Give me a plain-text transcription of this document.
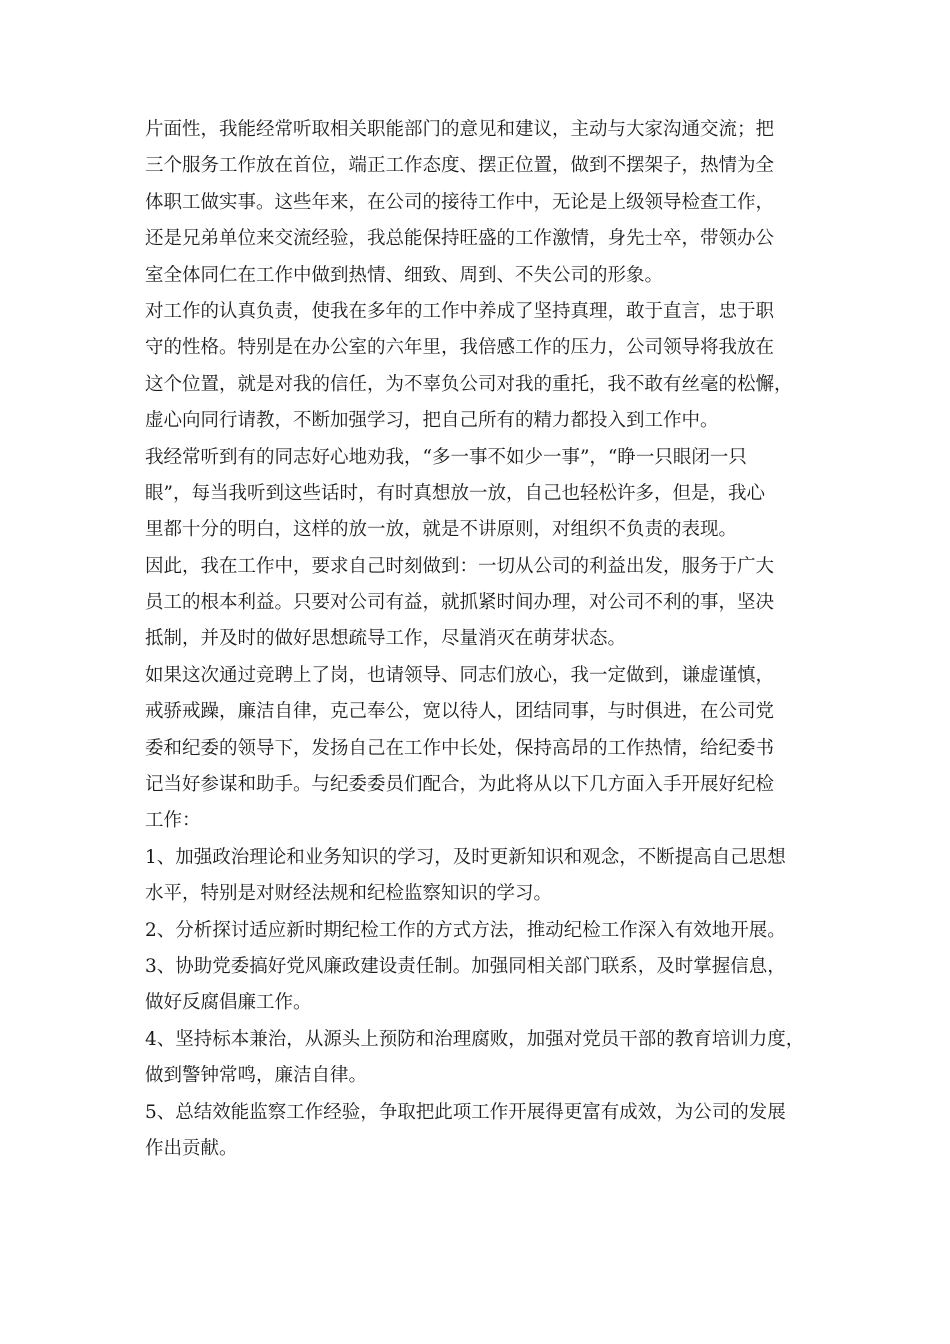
片面性，我能经常听取相关职能部门的意见和建议，主动与大家沟通交流；把
三个服务工作放在首位，端正工作态度、摆正位置，做到不摆架子，热情为全
体职工做实事。这些年来，在公司的接待工作中，无论是上级领导检查工作，
还是兄弟单位来交流经验，我总能保持旺盛的工作激情，身先士卒，带领办公
室全体同仁在工作中做到热情、细致、周到、不失公司的形象。
对工作的认真负责，使我在多年的工作中养成了坚持真理，敢于直言，忠于职
守的性格。特别是在办公室的六年里，我倍感工作的压力，公司领导将我放在
这个位置，就是对我的信任，为不辜负公司对我的重托，我不敢有丝毫的松懈，
虚心向同行请教，不断加强学习，把自己所有的精力都投入到工作中。
我经常听到有的同志好心地劝我，“多一事不如少一事”，“睁一只眼闭一只
眼”，每当我听到这些话时，有时真想放一放，自己也轻松许多，但是，我心
里都十分的明白，这样的放一放，就是不讲原则，对组织不负责的表现。
因此，我在工作中，要求自己时刻做到：一切从公司的利益出发，服务于广大
员工的根本利益。只要对公司有益，就抓紧时间办理，对公司不利的事，坚决
抵制，并及时的做好思想疏导工作，尽量消灭在萌芽状态。
如果这次通过竞聘上了岗，也请领导、同志们放心，我一定做到，谦虚谨慎，
戒骄戒躁，廉洁自律，克己奉公，宽以待人，团结同事，与时俱进，在公司党
委和纪委的领导下，发扬自己在工作中长处，保持高昂的工作热情，给纪委书
记当好参谋和助手。与纪委委员们配合，为此将从以下几方面入手开展好纪检
工作：
1、加强政治理论和业务知识的学习，及时更新知识和观念，不断提高自己思想
水平，特别是对财经法规和纪检监察知识的学习。
2、分析探讨适应新时期纪检工作的方式方法，推动纪检工作深入有效地开展。
3、协助党委搞好党风廉政建设责任制。加强同相关部门联系，及时掌握信息，
做好反腐倡廉工作。
4、坚持标本兼治，从源头上预防和治理腐败，加强对党员干部的教育培训力度，
做到警钟常鸣，廉洁自律。
5、总结效能监察工作经验，争取把此项工作开展得更富有成效，为公司的发展
作出贡献。
